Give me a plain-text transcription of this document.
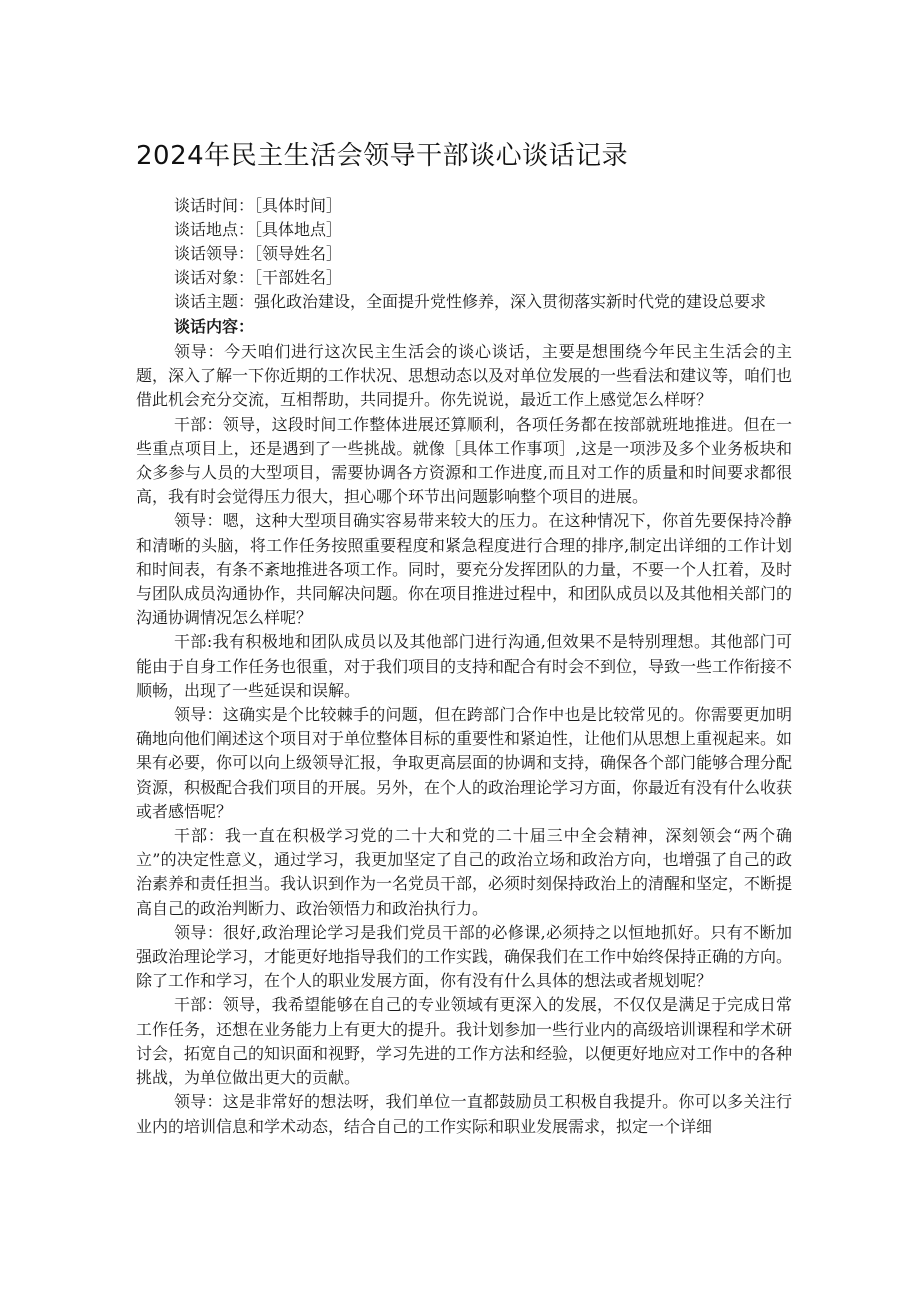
2024年民主生活会领导干部谈心谈话记录

谈话时间：［具体时间］

谈话地点：［具体地点］

谈话领导：［领导姓名］

谈话对象：［干部姓名］

谈话主题：强化政治建设，全面提升党性修养，深入贯彻落实新时代党的建设总要求

谈话内容：

领导：今天咱们进行这次民主生活会的谈心谈话，主要是想围绕今年民主生活会的主题，深入了解一下你近期的工作状况、思想动态以及对单位发展的一些看法和建议等，咱们也借此机会充分交流，互相帮助，共同提升。你先说说，最近工作上感觉怎么样呀？

干部：领导，这段时间工作整体进展还算顺利，各项任务都在按部就班地推进。但在一些重点项目上，还是遇到了一些挑战。就像［具体工作事项］,这是一项涉及多个业务板块和众多参与人员的大型项目，需要协调各方资源和工作进度,而且对工作的质量和时间要求都很高，我有时会觉得压力很大，担心哪个环节出问题影响整个项目的进展。

领导：嗯，这种大型项目确实容易带来较大的压力。在这种情况下，你首先要保持冷静和清晰的头脑，将工作任务按照重要程度和紧急程度进行合理的排序,制定出详细的工作计划和时间表，有条不紊地推进各项工作。同时，要充分发挥团队的力量，不要一个人扛着，及时与团队成员沟通协作，共同解决问题。你在项目推进过程中，和团队成员以及其他相关部门的沟通协调情况怎么样呢？

干部:我有积极地和团队成员以及其他部门进行沟通,但效果不是特别理想。其他部门可能由于自身工作任务也很重，对于我们项目的支持和配合有时会不到位，导致一些工作衔接不顺畅，出现了一些延误和误解。

领导：这确实是个比较棘手的问题，但在跨部门合作中也是比较常见的。你需要更加明确地向他们阐述这个项目对于单位整体目标的重要性和紧迫性，让他们从思想上重视起来。如果有必要，你可以向上级领导汇报，争取更高层面的协调和支持，确保各个部门能够合理分配资源，积极配合我们项目的开展。另外，在个人的政治理论学习方面，你最近有没有什么收获或者感悟呢？

干部：我一直在积极学习党的二十大和党的二十届三中全会精神，深刻领会“两个确立”的决定性意义，通过学习，我更加坚定了自己的政治立场和政治方向，也增强了自己的政治素养和责任担当。我认识到作为一名党员干部，必须时刻保持政治上的清醒和坚定，不断提高自己的政治判断力、政治领悟力和政治执行力。

领导：很好,政治理论学习是我们党员干部的必修课,必须持之以恒地抓好。只有不断加强政治理论学习，才能更好地指导我们的工作实践，确保我们在工作中始终保持正确的方向。除了工作和学习，在个人的职业发展方面，你有没有什么具体的想法或者规划呢？

干部：领导，我希望能够在自己的专业领域有更深入的发展，不仅仅是满足于完成日常工作任务，还想在业务能力上有更大的提升。我计划参加一些行业内的高级培训课程和学术研讨会，拓宽自己的知识面和视野，学习先进的工作方法和经验，以便更好地应对工作中的各种挑战，为单位做出更大的贡献。

领导：这是非常好的想法呀，我们单位一直都鼓励员工积极自我提升。你可以多关注行业内的培训信息和学术动态，结合自己的工作实际和职业发展需求，拟定一个详细
